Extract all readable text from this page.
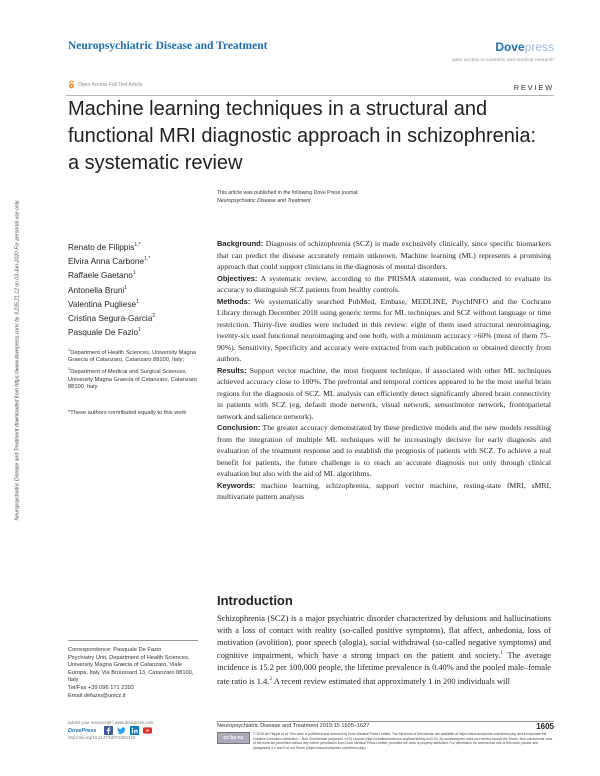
Neuropsychiatric Disease and Treatment	Dovepress
open access to scientific and medical research
Open Access Full Text Article	REVIEW
Machine learning techniques in a structural and functional MRI diagnostic approach in schizophrenia: a systematic review
This article was published in the following Dove Press journal:
Neuropsychiatric Disease and Treatment
Neuropsychiatric Disease and Treatment downloaded from https://www.dovepress.com/ by 3.235.21.12 on 03-Jun-2020 For personal use only.	Renato de Filippis$^{1,*}$
Elvira Anna Carbone$^{1,*}$
Raffaele Gaetano$^1$
Antonella Bruni$^1$
Valentina Pugliese$^1$
Cristina Segura-Garcia$^2$
Pasquale De Fazio$^1$
$^1$Department of Health Sciences, University Magna Graecia of Catanzaro, Catanzaro 88100, Italy; $^2$Department of Medical and Surgical Sciences, University Magna Graecia of Catanzaro, Catanzaro 88100, Italy
*These authors contributed equally to this work

Background: Diagnosis of schizophrenia (SCZ) is made exclusively clinically, since specific biomarkers that can predict the disease accurately remain unknown. Machine learning (ML) represents a promising approach that could support clinicians in the diagnosis of mental disorders.

Objectives: A systematic review, according to the PRISMA statement, was conducted to evaluate its accuracy to distinguish SCZ patients from healthy controls.

Methods: We systematically searched PubMed, Embase, MEDLINE, PsychINFO and the Cochrane Library through December 2018 using generic terms for ML techniques and SCZ without language or time restriction. Thirty-five studies were included in this review: eight of them used structural neuroimaging, twenty-six used functional neuroimaging and one both, with a minimum accuracy >60% (most of them 75–90%). Sensitivity, Specificity and accuracy were extracted from each publication or obtained directly from authors.

Results: Support vector machine, the most frequent technique, if associated with other ML techniques achieved accuracy close to 100%. The prefrontal and temporal cortices appeared to be the most useful brain regions for the diagnosis of SCZ. ML analysis can efficiently detect significantly altered brain connectivity in patients with SCZ (eg, default mode network, visual network, sensorimotor network, frontoparietal network and salience network).

Conclusion: The greater accuracy demonstrated by these predictive models and the new models resulting from the integration of multiple ML techniques will be increasingly decisive for early diagnosis and evaluation of the treatment response and to establish the prognosis of patients with SCZ. To achieve a real benefit for patients, the future challenge is to reach an accurate diagnosis not only through clinical evaluation but also with the aid of ML algorithms.

Keywords: machine learning, schizophrenia, support vector machine, resting-state fMRI, sMRI, multivariate pattern analysis

Introduction
Schizophrenia (SCZ) is a major psychiatric disorder characterized by delusions and hallucinations with a loss of contact with reality (so-called positive symptoms), flat affect, anhedonia, loss of motivation (avolition), poor speech (alogia), social withdrawal (so-called negative symptoms) and cognitive impairment, which have a strong impact on the patient and society.$^1$ The average incidence is 15.2 per 100,000 people, the lifetime prevalence is 0.40% and the pooled male–female rate ratio is 1.4.$^2$ A recent review estimated that approximately 1 in 200 individuals will
Correspondence: Pasquale De Fazio
Psychiatry Unit, Department of Health Sciences, University Magna Græcia of Catanzaro, Viale Europa, Italy Via Broussard 13, Catanzaro 88100, Italy
Tel/Fax +39 096 171 2393
Email defazio@unicz.it
submit your manuscript | www.dovepress.com
DovePress
http://doi.org/10.2147/NDT.S202418
Neuropsychiatric Disease and Treatment 2019:15 1605–1627	1605
cc by-nc
© 2019 de Filippis et al. This work is published and licensed by Dove Medical Press Limited. The full terms of this license are available at https://www.dovepress.com/terms.php and incorporate the Creative Commons Attribution – Non Commercial (unported, v3.0) License (http://creativecommons.org/licenses/by-nc/3.0/). By accessing the work you hereby accept the Terms. Non-commercial uses of the work are permitted without any further permission from Dove Medical Press Limited, provided the work is properly attributed. For permission for commercial use of this work, please see paragraphs 4.2 and 5 of our Terms (https://www.dovepress.com/terms.php).
